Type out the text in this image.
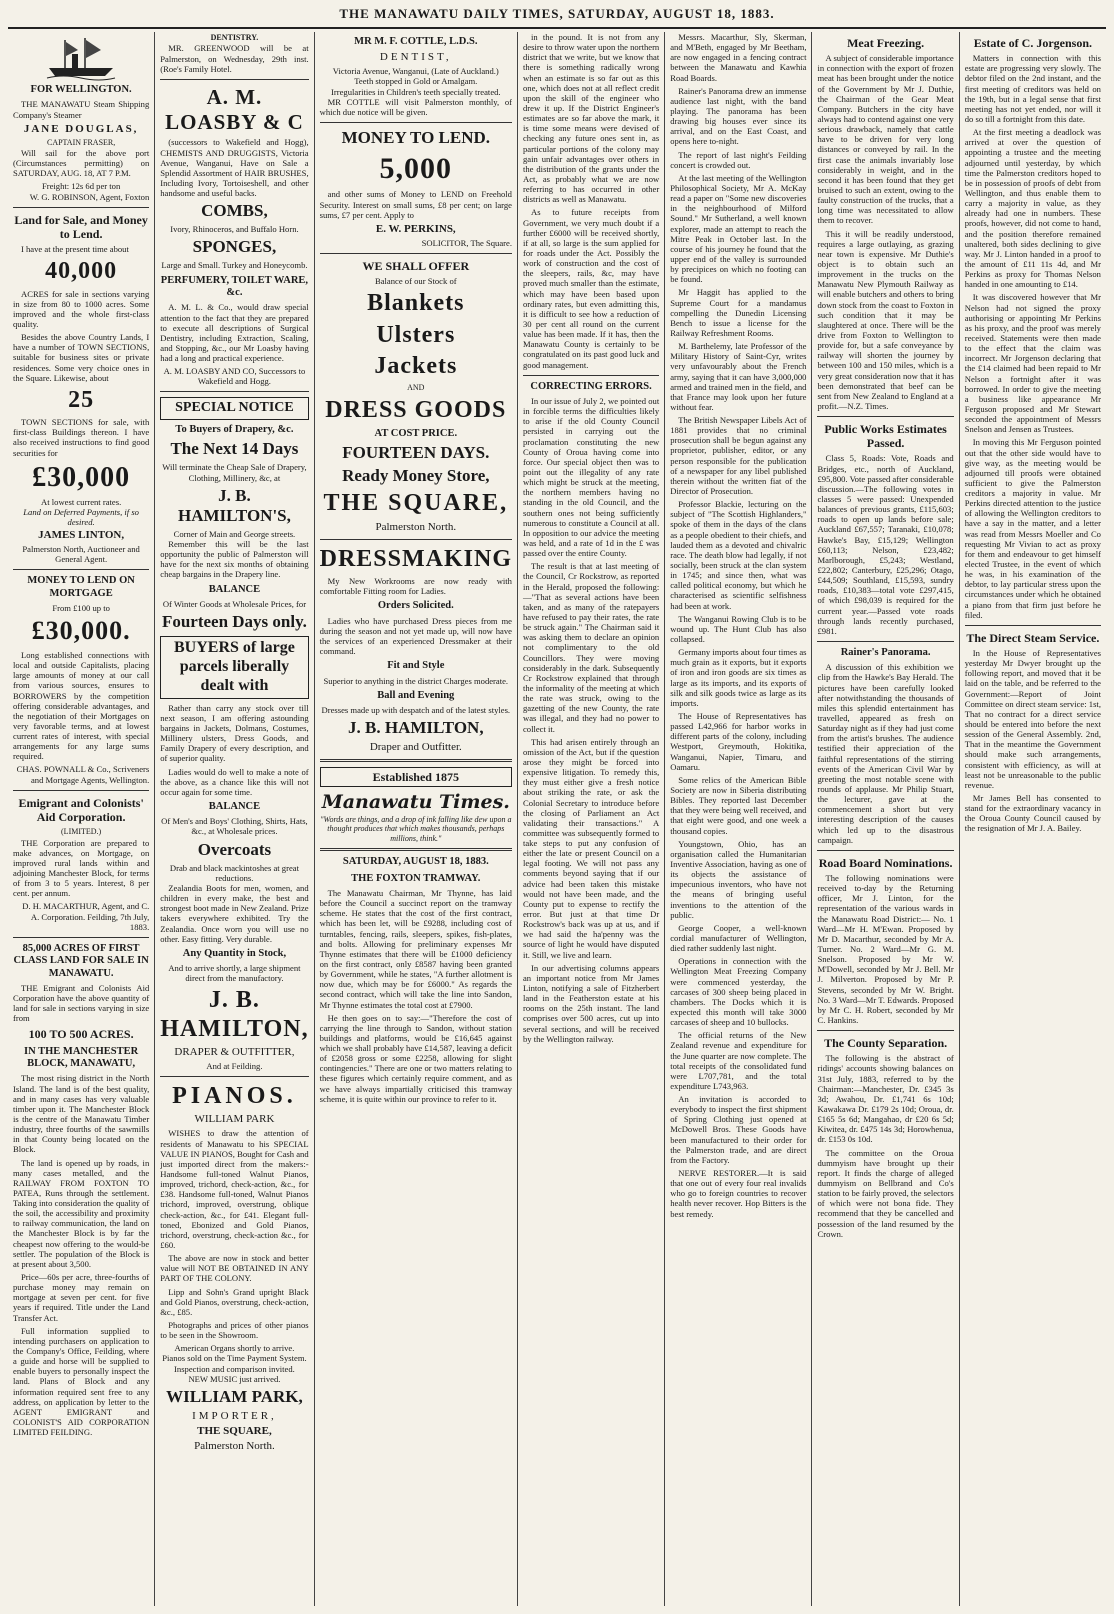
THE MANAWATU DAILY TIMES, SATURDAY, AUGUST 18, 1883.
FOR WELLINGTON.

THE MANAWATU Steam Shipping Company's Steamer

JANE DOUGLAS,
CAPTAIN FRASER,

Will sail for the above port (Circumstances permitting) on SATURDAY, AUG. 18, AT 7 P.M.

Freight: 12s 6d per ton
W. G. ROBINSON, Agent, Foxton
Land for Sale, and Money to Lend.

I have at the present time about

40,000

ACRES for sale in sections varying in size from 80 to 1000 acres. Some improved and the whole first-class quality.

Besides the above Country Lands, I have a number of TOWN SECTIONS, suitable for business sites or private residences. Some very choice ones in the Square. Likewise, about

25

TOWN SECTIONS for sale, with first-class Buildings thereon. I have also received instructions to find good securities for

£30,000
At lowest current rates.
Land on Deferred Payments, if so desired.
JAMES LINTON,
Palmerston North, Auctioneer and General Agent.
MONEY TO LEND ON MORTGAGE
From £100 up to
£30,000.

Long established connections with local and outside Capitalists, placing large amounts of money at our call from various sources, ensures to BORROWERS by the competition offering considerable advantages, and the negotiation of their Mortgages on very favorable terms, and at lowest current rates of interest, with special arrangements for any large sums required.

CHAS. POWNALL & Co., Scriveners and Mortgage Agents, Wellington.
Emigrant and Colonists' Aid Corporation.
(LIMITED.)

THE Corporation are prepared to make advances, on Mortgage, on improved rural lands within and adjoining Manchester Block, for terms of from 3 to 5 years. Interest, 8 per cent. per annum.

D. H. MACARTHUR, Agent, and C. A. Corporation. Feilding, 7th July, 1883.
85,000 ACRES OF FIRST CLASS LAND FOR SALE IN MANAWATU.

THE Emigrant and Colonists Aid Corporation have the above quantity of land for sale in sections varying in size from

100 TO 500 ACRES.
IN THE MANCHESTER BLOCK, MANAWATU,

The most rising district in the North Island. The land is of the best quality, and in many cases has very valuable timber upon it. The Manchester Block is the centre of the Manawatu Timber industry, three fourths of the sawmills in that County being located on the Block.

The land is opened up by roads, in many cases metalled, and the RAILWAY FROM FOXTON TO PATEA, Runs through the settlement. Taking into consideration the quality of the soil, the accessibility and proximity to railway communication, the land on the Manchester Block is by far the cheapest now offering to the would-be settler. The population of the Block is at present about 3,500.

Price—60s per acre, three-fourths of purchase money may remain on mortgage at seven per cent. for five years if required. Title under the Land Transfer Act.

Full information supplied to intending purchasers on application to the Company's Office, Feilding, where a guide and horse will be supplied to enable buyers to personally inspect the land. Plans of Block and any information required sent free to any address, on application by letter to the AGENT EMIGRANT and COLONIST'S AID CORPORATION LIMITED FEILDING.

DENTISTRY.

MR. GREENWOOD will be at Palmerston, on Wednesday, 29th inst. (Roe's Family Hotel.

A. M. LOASBY & C

(successors to Wakefield and Hogg), CHEMISTS AND DRUGGISTS, Victoria Avenue, Wanganui, Have on Sale a Splendid Assortment of HAIR BRUSHES, Including Ivory, Tortoiseshell, and other handsome and useful backs.

COMBS,
Ivory, Rhinoceros, and Buffalo Horn.
SPONGES,
Large and Small. Turkey and Honeycomb.
PERFUMERY, TOILET WARE, &c.

A. M. L. & Co., would draw special attention to the fact that they are prepared to execute all descriptions of Surgical Dentistry, including Extraction, Scaling, and Stopping, &c., our Mr Loasby having had a long and practical experience.

A. M. LOASBY AND CO, Successors to Wakefield and Hogg.
SPECIAL NOTICE
To Buyers of Drapery, &c.
The Next 14 Days
Will terminate the Cheap Sale of Drapery, Clothing, Millinery, &c, at
J. B. HAMILTON'S,
Corner of Main and George streets.

Remember this will be the last opportunity the public of Palmerston will have for the next six months of obtaining cheap bargains in the Drapery line.

BALANCE
Of Winter Goods at Wholesale Prices, for
Fourteen Days only.
BUYERS of large parcels liberally dealt with

Rather than carry any stock over till next season, I am offering astounding bargains in Jackets, Dolmans, Costumes, Millinery ulsters, Dress Goods, and Family Drapery of every description, and of superior quality.

Ladies would do well to make a note of the above, as a chance like this will not occur again for some time.

BALANCE
Of Men's and Boys' Clothing, Shirts, Hats, &c., at Wholesale prices.
Overcoats
Drab and black mackintoshes at great reductions.

Zealandia Boots for men, women, and children in every make, the best and strongest boot made in New Zealand. Prize takers everywhere exhibited. Try the Zealandia. Once worn you will use no other. Easy fitting. Very durable.

Any Quantity in Stock,
And to arrive shortly, a large shipment direct from the manufactory.
J. B. HAMILTON,
DRAPER & OUTFITTER,
And at Feilding.
PIANOS.
WILLIAM PARK

WISHES to draw the attention of residents of Manawatu to his SPECIAL VALUE IN PIANOS, Bought for Cash and just imported direct from the makers:- Handsome full-toned Walnut Pianos, improved, trichord, check-action, &c., for £38. Handsome full-toned, Walnut Pianos trichord, improved, overstrung, oblique check-action, &c., for £41. Elegant full-toned, Ebonized and Gold Pianos, trichord, overstrung, check-action &c., for £60.

The above are now in stock and better value will NOT BE OBTAINED IN ANY PART OF THE COLONY.

Lipp and Sohn's Grand upright Black and Gold Pianos, overstrung, check-action, &c., £85.

Photographs and prices of other pianos to be seen in the Showroom.

American Organs shortly to arrive.
Pianos sold on the Time Payment System.
Inspection and comparison invited.
NEW MUSIC just arrived.
WILLIAM PARK,
IMPORTER,
THE SQUARE,
Palmerston North.
MR M. F. COTTLE, L.D.S.
DENTIST,
Victoria Avenue, Wanganui, (Late of Auckland.)
Teeth stopped in Gold or Amalgam.
Irregularities in Children's teeth specially treated.

MR COTTLE will visit Palmerston monthly, of which due notice will be given.

MONEY TO LEND.
5,000

and other sums of Money to LEND on Freehold Security. Interest on small sums, £8 per cent; on large sums, £7 per cent. Apply to

E. W. PERKINS,
SOLICITOR, The Square.
WE SHALL OFFER
Balance of our Stock of
Blankets
Ulsters
Jackets
AND
DRESS GOODS
AT COST PRICE.
FOURTEEN DAYS.
Ready Money Store,
THE SQUARE,
Palmerston North.
DRESSMAKING

My New Workrooms are now ready with comfortable Fitting room for Ladies.

Orders Solicited.

Ladies who have purchased Dress pieces from me during the season and not yet made up, will now have the services of an experienced Dressmaker at their command.

Fit and Style
Superior to anything in the district Charges moderate.
Ball and Evening
Dresses made up with despatch and of the latest styles.
J. B. HAMILTON,
Draper and Outfitter.
Established 1875
Manawatu Times.
"Words are things, and a drop of ink falling like dew upon a thought produces that which makes thousands, perhaps millions, think."
SATURDAY, AUGUST 18, 1883.
THE FOXTON TRAMWAY.

The Manawatu Chairman, Mr Thynne, has laid before the Council a succinct report on the tramway scheme. He states that the cost of the first contract, which has been let, will be £9288, including cost of turntables, fencing, rails, sleepers, spikes, fish-plates, and bolts. Allowing for preliminary expenses Mr Thynne estimates that there will be £1000 deficiency on the first contract, only £8587 having been granted by Government, while he states, "A further allotment is now due, which may be for £6000." As regards the second contract, which will take the line into Sandon, Mr Thynne estimates the total cost at £7900.

He then goes on to say:—"Therefore the cost of carrying the line through to Sandon, without station buildings and platforms, would be £16,645 against which we shall probably have £14,587, leaving a deficit of £2058 gross or some £2258, allowing for slight contingencies." There are one or two matters relating to these figures which certainly require comment, and as we have always impartially criticised this tramway scheme, it is quite within our province to refer to it.

in the pound. It is not from any desire to throw water upon the northern district that we write, but we know that there is something radically wrong when an estimate is so far out as this one, which does not at all reflect credit upon the skill of the engineer who drew it up. If the District Engineer's estimates are so far above the mark, it is time some means were devised of checking any future ones sent in, as particular portions of the colony may gain unfair advantages over others in the distribution of the grants under the Act, as probably what we are now referring to has occurred in other districts as well as Manawatu.

As to future receipts from Government, we very much doubt if a further £6000 will be received shortly, if at all, so large is the sum applied for for roads under the Act. Possibly the work of construction and the cost of the sleepers, rails, &c, may have proved much smaller than the estimate, which may have been based upon ordinary rates, but even admitting this, it is difficult to see how a reduction of 30 per cent all round on the current value has been made. If it has, then the Manawatu County is certainly to be congratulated on its past good luck and good management.

CORRECTING ERRORS.

In our issue of July 2, we pointed out in forcible terms the difficulties likely to arise if the old County Council persisted in carrying out the proclamation constituting the new County of Oroua having come into force. Our special object then was to point out the illegality of any rate which might be struck at the meeting, the northern members having no standing in the old Council, and the southern ones not being sufficiently numerous to constitute a Council at all. In opposition to our advice the meeting was held, and a rate of 1d in the £ was passed over the entire County.

The result is that at last meeting of the Council, Cr Rockstrow, as reported in the Herald, proposed the following:—"That as several actions have been taken, and as many of the ratepayers have refused to pay their rates, the rate be struck again." The Chairman said it was asking them to declare an opinion not complimentary to the old Councillors. They were moving considerably in the dark. Subsequently Cr Rockstrow explained that through the informality of the meeting at which the rate was struck, owing to the gazetting of the new County, the rate was illegal, and they had no power to collect it.

This had arisen entirely through an omission of the Act, but if the question arose they might be forced into expensive litigation. To remedy this, they must either give a fresh notice about striking the rate, or ask the Colonial Secretary to introduce before the closing of Parliament an Act validating their transactions." A committee was subsequently formed to take steps to put any confusion of either the late or present Council on a legal footing. We will not pass any comments beyond saying that if our advice had been taken this mistake would not have been made, and the County put to expense to rectify the error. But just at that time Dr Rockstrow's back was up at us, and if we had said the ha'penny was the source of light he would have disputed it. Still, we live and learn.

In our advertising columns appears an important notice from Mr James Linton, notifying a sale of Fitzherbert land in the Featherston estate at his rooms on the 25th instant. The land comprises over 500 acres, cut up into several sections, and will be received by the Wellington railway.

Messrs. Macarthur, Sly, Skerman, and M'Beth, engaged by Mr Beetham, are now engaged in a fencing contract between the Manawatu and Kawhia Road Boards.

Rainer's Panorama drew an immense audience last night, with the band playing. The panorama has been drawing big houses ever since its arrival, and on the East Coast, and opens here to-night.

The report of last night's Feilding concert is crowded out.

At the last meeting of the Wellington Philosophical Society, Mr A. McKay read a paper on "Some new discoveries in the neighbourhood of Milford Sound." Mr Sutherland, a well known explorer, made an attempt to reach the Mitre Peak in October last. In the course of his journey he found that the upper end of the valley is surrounded by precipices on which no footing can be found.

Mr Haggit has applied to the Supreme Court for a mandamus compelling the Dunedin Licensing Bench to issue a license for the Railway Refreshment Rooms.

M. Barthelemy, late Professor of the Military History of Saint-Cyr, writes very unfavourably about the French army, saying that it can have 3,000,000 armed and trained men in the field, and that France may look upon her future without fear.

The British Newspaper Libels Act of 1881 provides that no criminal prosecution shall be begun against any proprietor, publisher, editor, or any person responsible for the publication of a newspaper for any libel published therein without the written fiat of the Director of Prosecution.

Professor Blackie, lecturing on the subject of "The Scottish Highlanders," spoke of them in the days of the clans as a people obedient to their chiefs, and lauded them as a devoted and chivalric race. The death blow had legally, if not socially, been struck at the clan system in 1745; and since then, what was called political economy, but which he characterised as scientific selfishness had been at work.

The Wanganui Rowing Club is to be wound up. The Hunt Club has also collapsed.

Germany imports about four times as much grain as it exports, but it exports of iron and iron goods are six times as large as its imports, and its exports of silk and silk goods twice as large as its imports.

The House of Representatives has passed L42,966 for harbor works in different parts of the colony, including Westport, Greymouth, Hokitika, Wanganui, Napier, Timaru, and Oamaru.

Some relics of the American Bible Society are now in Siberia distributing Bibles. They reported last December that they were being well received, and that eight were good, and one week a thousand copies.

Youngstown, Ohio, has an organisation called the Humanitarian Inventive Association, having as one of its objects the assistance of impecunious inventors, who have not the means of bringing useful inventions to the attention of the public.

George Cooper, a well-known cordial manufacturer of Wellington, died rather suddenly last night.

Operations in connection with the Wellington Meat Freezing Company were commenced yesterday, the carcases of 300 sheep being placed in chambers. The Docks which it is expected this month will take 3000 carcases of sheep and 10 bullocks.

The official returns of the New Zealand revenue and expenditure for the June quarter are now complete. The total receipts of the consolidated fund were L707,781, and the total expenditure L743,963.

An invitation is accorded to everybody to inspect the first shipment of Spring Clothing just opened at McDowell Bros. These Goods have been manufactured to their order for the Palmerston trade, and are direct from the Factory.

NERVE RESTORER.—It is said that one out of every four real invalids who go to foreign countries to recover health never recover. Hop Bitters is the best remedy.

Meat Freezing.

A subject of considerable importance in connection with the export of frozen meat has been brought under the notice of the Government by Mr J. Duthie, the Chairman of the Gear Meat Company. Butchers in the city have always had to contend against one very serious drawback, namely that cattle have to be driven for very long distances or conveyed by rail. In the first case the animals invariably lose considerably in weight, and in the second it has been found that they get bruised to such an extent, owing to the faulty construction of the trucks, that a long time was necessitated to allow them to recover.

This it will be readily understood, requires a large outlaying, as grazing near town is expensive. Mr Duthie's object is to obtain such an improvement in the trucks on the Manawatu New Plymouth Railway as will enable butchers and others to bring down stock from the coast to Foxton in such condition that it may be slaughtered at once. There will be the drive from Foxton to Wellington to provide for, but a safe conveyance by railway will shorten the journey by between 100 and 150 miles, which is a very great consideration now that it has been demonstrated that beef can be sent from New Zealand to England at a profit.—N.Z. Times.

Public Works Estimates Passed.

Class 5, Roads: Vote, Roads and Bridges, etc., north of Auckland, £95,800. Vote passed after considerable discussion.—The following votes in classes 5 were passed: Unexpended balances of previous grants, £115,603; roads to open up lands before sale; Auckland £67,557; Taranaki, £10,078; Hawke's Bay, £15,129; Wellington £60,113; Nelson, £23,482; Marlborough, £5,243; Westland, £22,802; Canterbury, £25,296; Otago, £44,509; Southland, £15,593, sundry roads, £10,383—total vote £297,415, of which £98,039 is required for the current year.—Passed vote roads through lands recently purchased, £981.

Rainer's Panorama.

A discussion of this exhibition we clip from the Hawke's Bay Herald. The pictures have been carefully looked after notwithstanding the thousands of miles this splendid entertainment has travelled, appeared as fresh on Saturday night as if they had just come from the artist's brushes. The audience testified their appreciation of the faithful representations of the stirring events of the American Civil War by greeting the most notable scene with rounds of applause. Mr Philip Stuart, the lecturer, gave at the commencement a short but very interesting description of the causes which led up to the disastrous campaign.

Road Board Nominations.

The following nominations were received to-day by the Returning officer, Mr J. Linton, for the representation of the various wards in the Manawatu Road District:— No. 1 Ward—Mr H. M'Ewan. Proposed by Mr D. Macarthur, seconded by Mr A. Turner. No. 2 Ward—Mr G. M. Snelson. Proposed by Mr W. M'Dowell, seconded by Mr J. Bell. Mr J. Milverton. Proposed by Mr P. Stevens, seconded by Mr W. Bright. No. 3 Ward—Mr T. Edwards. Proposed by Mr C. H. Robert, seconded by Mr C. Hankins.

The County Separation.

The following is the abstract of ridings' accounts showing balances on 31st July, 1883, referred to by the Chairman:—Manchester, Dr. £345 3s 3d; Awahou, Dr. £1,741 6s 10d; Kawakawa Dr. £179 2s 10d; Oroua, dr. £165 5s 6d; Mangahao, dr £20 6s 5d; Kiwitea, dr. £475 14s 3d; Horowhenua, dr. £153 0s 10d.

The committee on the Oroua dummyism have brought up their report. It finds the charge of alleged dummyism on Bellbrand and Co's station to be fairly proved, the selectors of which were not bona fide. They recommend that they be cancelled and possession of the land resumed by the Crown.

Estate of C. Jorgenson.

Matters in connection with this estate are progressing very slowly. The debtor filed on the 2nd instant, and the first meeting of creditors was held on the 19th, but in a legal sense that first meeting has not yet ended, nor will it do so till a fortnight from this date.

At the first meeting a deadlock was arrived at over the question of appointing a trustee and the meeting adjourned until yesterday, by which time the Palmerston creditors hoped to be in possession of proofs of debt from Wellington, and thus enable them to carry a majority in value, as they already had one in numbers. These proofs, however, did not come to hand, and the position therefore remained unaltered, both sides declining to give way. Mr J. Linton handed in a proof to the amount of £11 11s 4d, and Mr Perkins as proxy for Thomas Nelson handed in one amounting to £14.

It was discovered however that Mr Nelson had not signed the proxy authorising or appointing Mr Perkins as his proxy, and the proof was merely received. Statements were then made to the effect that the claim was incorrect. Mr Jorgenson declaring that the £14 claimed had been repaid to Mr Nelson a fortnight after it was borrowed. In order to give the meeting a business like appearance Mr Ferguson proposed and Mr Stewart seconded the appointment of Messrs Snelson and Jensen as Trustees.

In moving this Mr Ferguson pointed out that the other side would have to give way, as the meeting would be adjourned till proofs were obtained sufficient to give the Palmerston creditors a majority in value. Mr Perkins directed attention to the justice of allowing the Wellington creditors to have a say in the matter, and a letter was read from Messrs Moeller and Co requesting Mr Vivian to act as proxy for them and endeavour to get himself elected Trustee, in the event of which he was, in his examination of the debtor, to lay particular stress upon the circumstances under which he obtained a piano from that firm just before he filed.

The Direct Steam Service.

In the House of Representatives yesterday Mr Dwyer brought up the following report, and moved that it be laid on the table, and be referred to the Government:—Report of Joint Committee on direct steam service: 1st, That no contract for a direct service should be entered into before the next session of the General Assembly. 2nd, That in the meantime the Government should make such arrangements, consistent with efficiency, as will at least not be unreasonable to the public revenue.

Mr James Bell has consented to stand for the extraordinary vacancy in the Oroua County Council caused by the resignation of Mr J. A. Bailey.
